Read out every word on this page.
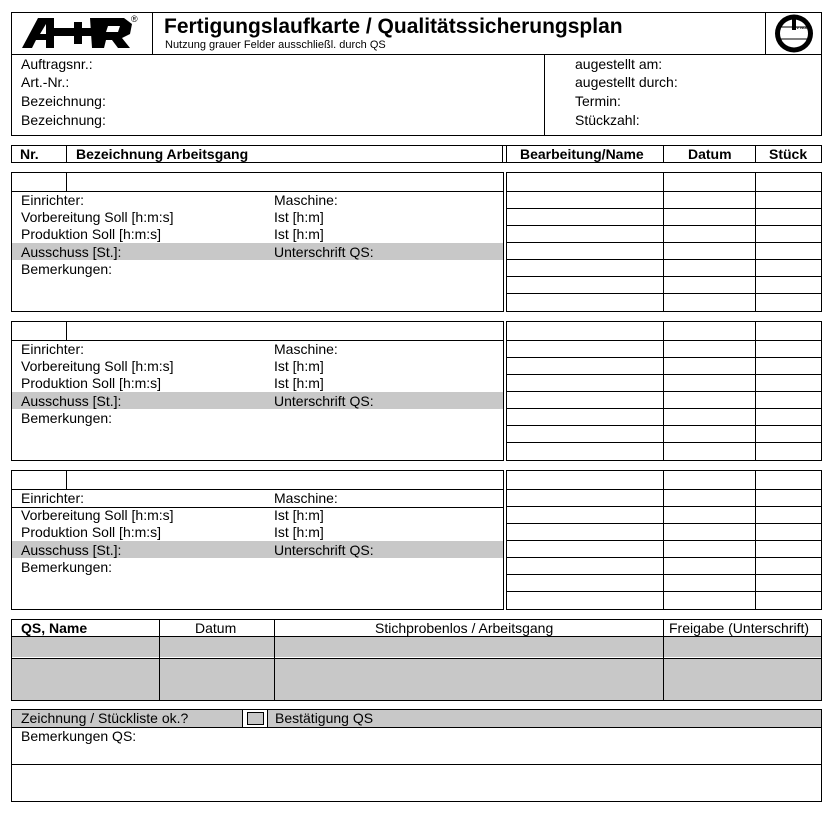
® Fertigungslaufkarte / Qualitätssicherungsplan
Nutzung grauer Felder ausschließl. durch QS
TÜV NORD
Auftragsnr.:
Art.-Nr.:
Bezeichnung:
Bezeichnung:
augestellt am:
augestellt durch:
Termin:
Stückzahl:
Nr.	Bezeichnung Arbeitsgang	Bearbeitung/Name	Datum	Stück
Einrichter:	Maschine:
Vorbereitung Soll [h:m:s]	Ist [h:m]
Produktion Soll [h:m:s]	Ist [h:m]
Ausschuss [St.]:	Unterschrift QS:
Bemerkungen:
Einrichter:	Maschine:
Vorbereitung Soll [h:m:s]	Ist [h:m]
Produktion Soll [h:m:s]	Ist [h:m]
Ausschuss [St.]:	Unterschrift QS:
Bemerkungen:
Einrichter:	Maschine:
Vorbereitung Soll [h:m:s]	Ist [h:m]
Produktion Soll [h:m:s]	Ist [h:m]
Ausschuss [St.]:	Unterschrift QS:
Bemerkungen:
QS, Name	Datum	Stichprobenlos / Arbeitsgang	Freigabe (Unterschrift)
Zeichnung / Stückliste ok.?	Bestätigung QS
Bemerkungen QS:
